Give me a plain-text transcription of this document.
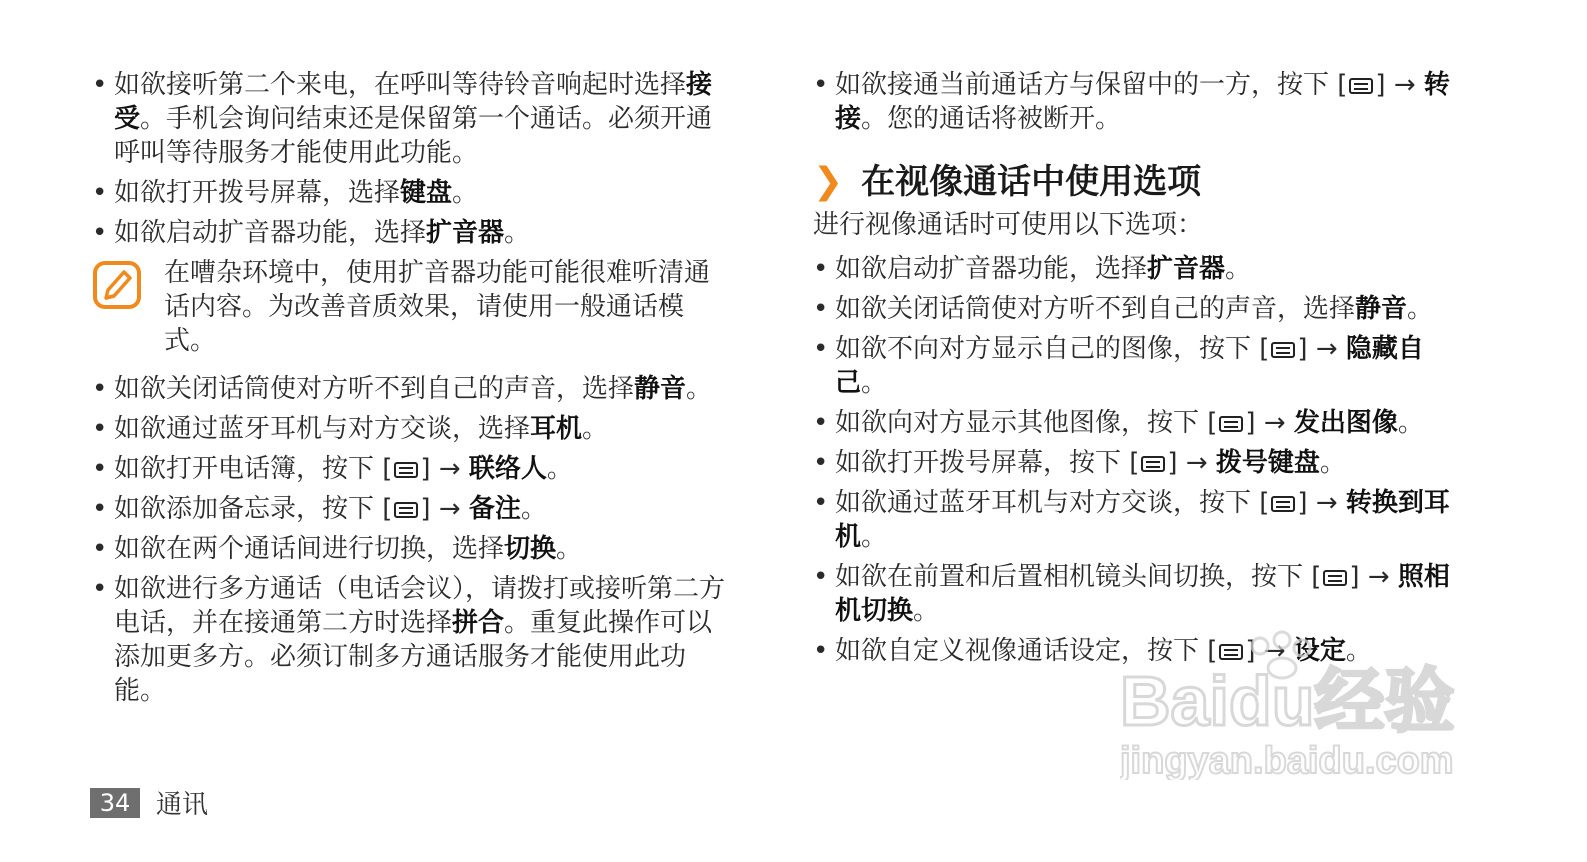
• 如欲接听第二个来电，在呼叫等待铃音响起时选择接受。手机会询问结束还是保留第一个通话。必须开通呼叫等待服务才能使用此功能。
• 如欲打开拨号屏幕，选择键盘。
• 如欲启动扩音器功能，选择扩音器。
在嘈杂环境中，使用扩音器功能可能很难听清通话内容。为改善音质效果，请使用一般通话模式。
• 如欲关闭话筒使对方听不到自己的声音，选择静音。
• 如欲通过蓝牙耳机与对方交谈，选择耳机。
• 如欲打开电话簿，按下 [ ] → 联络人。
• 如欲添加备忘录，按下 [ ] → 备注。
• 如欲在两个通话间进行切换，选择切换。
• 如欲进行多方通话（电话会议），请拨打或接听第二方电话，并在接通第二方时选择拼合。重复此操作可以添加更多方。必须订制多方通话服务才能使用此功能。
• 如欲接通当前通话方与保留中的一方，按下 [ ] → 转接。您的通话将被断开。
❯ 在视像通话中使用选项
进行视像通话时可使用以下选项：
• 如欲启动扩音器功能，选择扩音器。
• 如欲关闭话筒使对方听不到自己的声音，选择静音。
• 如欲不向对方显示自己的图像，按下 [ ] → 隐藏自己。
• 如欲向对方显示其他图像，按下 [ ] → 发出图像。
• 如欲打开拨号屏幕，按下 [ ] → 拨号键盘。
• 如欲通过蓝牙耳机与对方交谈，按下 [ ] → 转换到耳机。
• 如欲在前置和后置相机镜头间切换，按下 [ ] → 照相机切换。
• 如欲自定义视像通话设定，按下 [ ] → 设定。
34 通讯
Baidu经验
jingyan.baidu.com
